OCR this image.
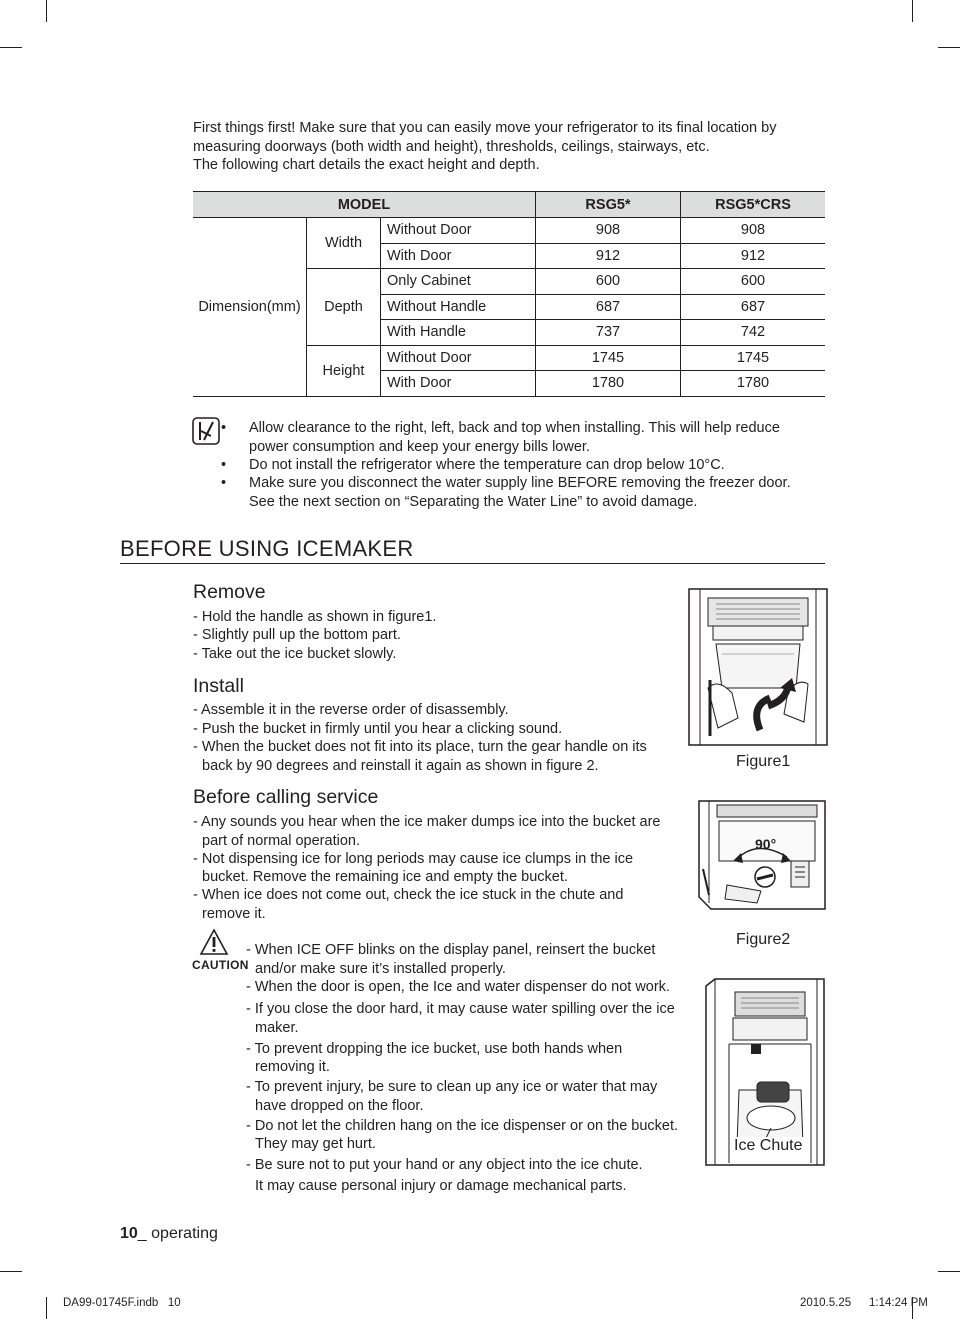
First things first! Make sure that you can easily move your refrigerator to its final location by
measuring doorways (both width and height), thresholds, ceilings, stairways, etc.
The following chart details the exact height and depth.
MODEL			RSG5*	RSG5*CRS
Dimension(mm)	Width	Without Door	908	908
		With Door	912	912
	Depth	Only Cabinet	600	600
		Without Handle	687	687
		With Handle	737	742
	Height	Without Door	1745	1745
		With Door	1780	1780
• Allow clearance to the right, left, back and top when installing. This will help reduce
power consumption and keep your energy bills lower.
• Do not install the refrigerator where the temperature can drop below 10°C.
• Make sure you disconnect the water supply line BEFORE removing the freezer door.
See the next section on “Separating the Water Line” to avoid damage.
BEFORE USING ICEMAKER
Remove
- Hold the handle as shown in figure1.
- Slightly pull up the bottom part.
- Take out the ice bucket slowly.
Install
- Assemble it in the reverse order of disassembly.
- Push the bucket in firmly until you hear a clicking sound.
- When the bucket does not fit into its place, turn the gear handle on its
back by 90 degrees and reinstall it again as shown in figure 2.
Before calling service
- Any sounds you hear when the ice maker dumps ice into the bucket are
part of normal operation.
- Not dispensing ice for long periods may cause ice clumps in the ice
bucket. Remove the remaining ice and empty the bucket.
- When ice does not come out, check the ice stuck in the chute and
remove it.
CAUTION
- When ICE OFF blinks on the display panel, reinsert the bucket
and/or make sure it’s installed properly.
- When the door is open, the Ice and water dispenser do not work.
- If you close the door hard, it may cause water spilling over the ice
maker.
- To prevent dropping the ice bucket, use both hands when
removing it.
- To prevent injury, be sure to clean up any ice or water that may
have dropped on the floor.
- Do not let the children hang on the ice dispenser or on the bucket.
They may get hurt.
- Be sure not to put your hand or any object into the ice chute.
It may cause personal injury or damage mechanical parts.
Figure1
90°
Figure2
Ice Chute
10_ operating
DA99-01745F.indb   10	2010.5.25 1:14:24 PM
